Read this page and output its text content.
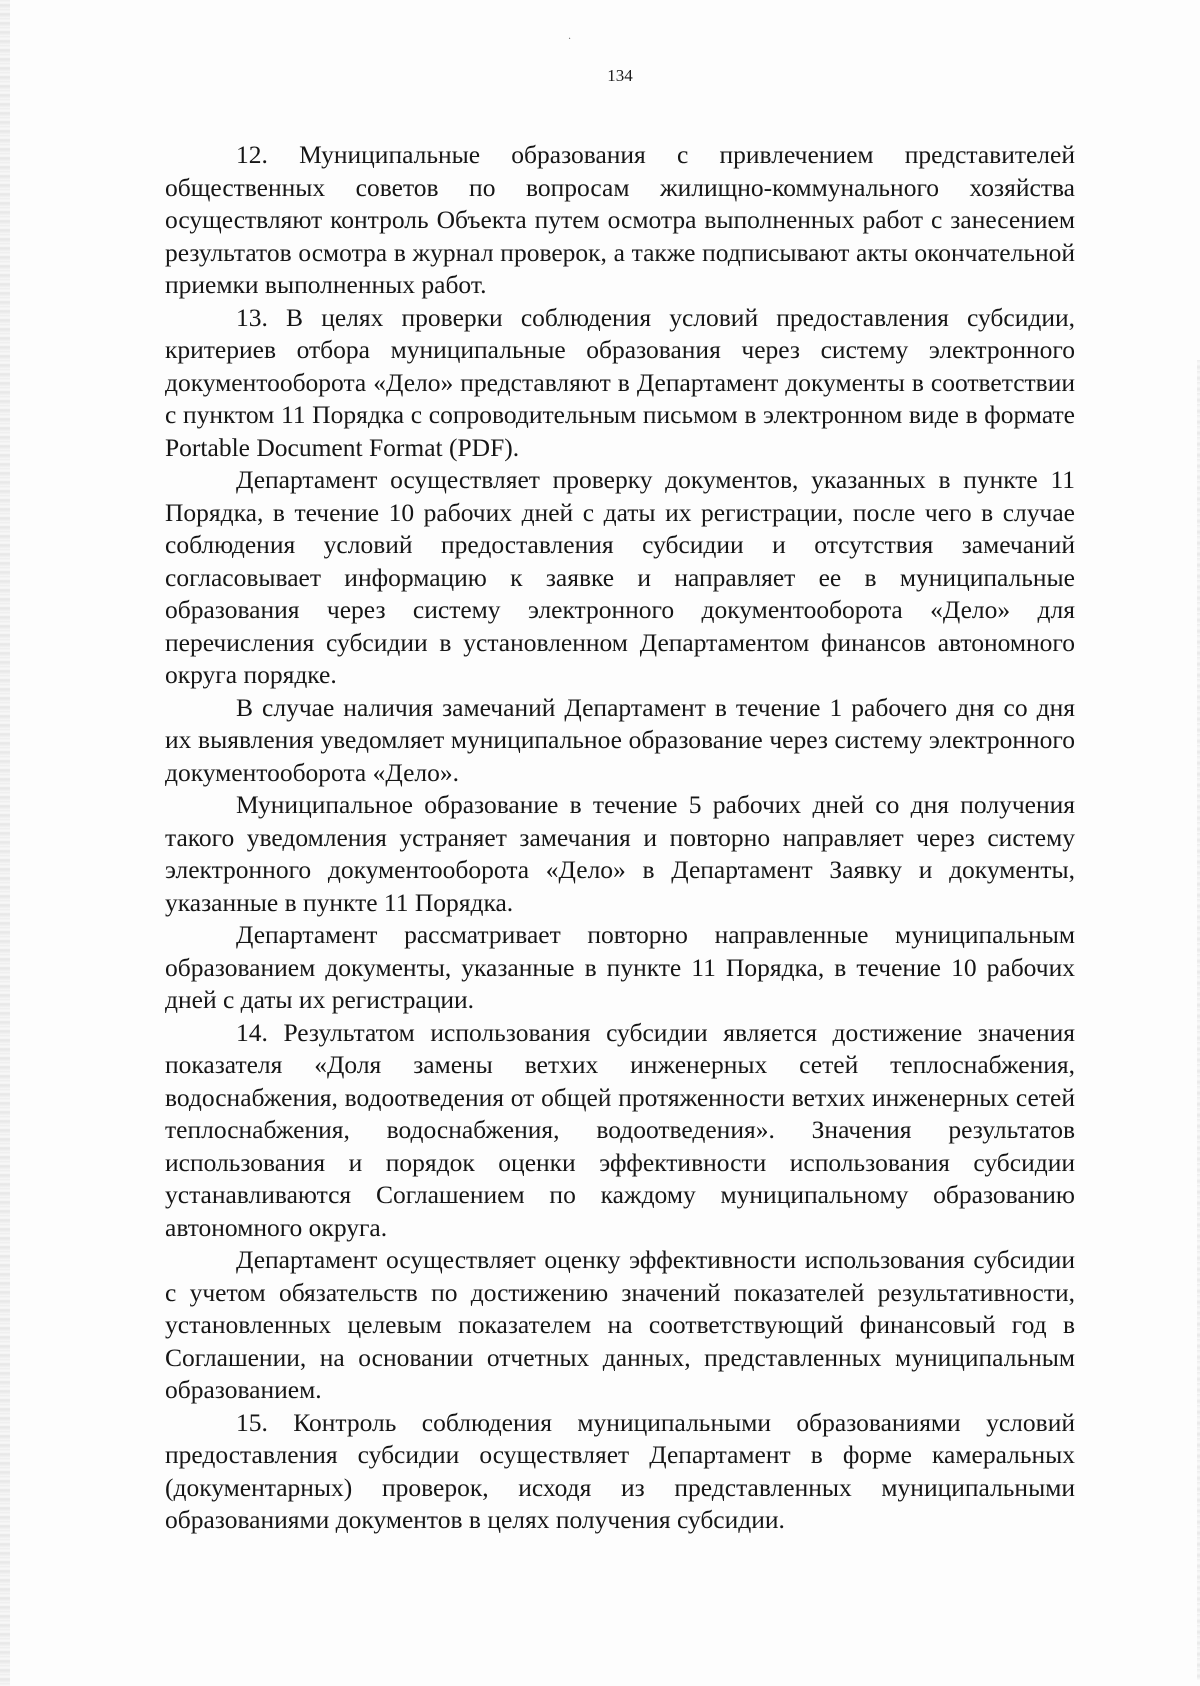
·
134

12. Муниципальные образования с привлечением представителей общественных советов по вопросам жилищно-коммунального хозяйства осуществляют контроль Объекта путем осмотра выполненных работ с занесением результатов осмотра в журнал проверок, а также подписывают акты окончательной приемки выполненных работ.

13. В целях проверки соблюдения условий предоставления субсидии, критериев отбора муниципальные образования через систему электронного документооборота «Дело» представляют в Департамент документы в соответствии с пунктом 11 Порядка с сопроводительным письмом в электронном виде в формате Portable Document Format (PDF).

Департамент осуществляет проверку документов, указанных в пункте 11 Порядка, в течение 10 рабочих дней с даты их регистрации, после чего в случае соблюдения условий предоставления субсидии и отсутствия замечаний согласовывает информацию к заявке и направляет ее в муниципальные образования через систему электронного документооборота «Дело» для перечисления субсидии в установленном Департаментом финансов автономного округа порядке.

В случае наличия замечаний Департамент в течение 1 рабочего дня со дня их выявления уведомляет муниципальное образование через систему электронного документооборота «Дело».

Муниципальное образование в течение 5 рабочих дней со дня получения такого уведомления устраняет замечания и повторно направляет через систему электронного документооборота «Дело» в Департамент Заявку и документы, указанные в пункте 11 Порядка.

Департамент рассматривает повторно направленные муниципальным образованием документы, указанные в пункте 11 Порядка, в течение 10 рабочих дней с даты их регистрации.

14. Результатом использования субсидии является достижение значения показателя «Доля замены ветхих инженерных сетей теплоснабжения, водоснабжения, водоотведения от общей протяженности ветхих инженерных сетей теплоснабжения, водоснабжения, водоотведения». Значения результатов использования и порядок оценки эффективности использования субсидии устанавливаются Соглашением по каждому муниципальному образованию автономного округа.

Департамент осуществляет оценку эффективности использования субсидии с учетом обязательств по достижению значений показателей результативности, установленных целевым показателем на соответствующий финансовый год в Соглашении, на основании отчетных данных, представленных муниципальным образованием.

15. Контроль соблюдения муниципальными образованиями условий предоставления субсидии осуществляет Департамент в форме камеральных (документарных) проверок, исходя из представленных муниципальными образованиями документов в целях получения субсидии.
